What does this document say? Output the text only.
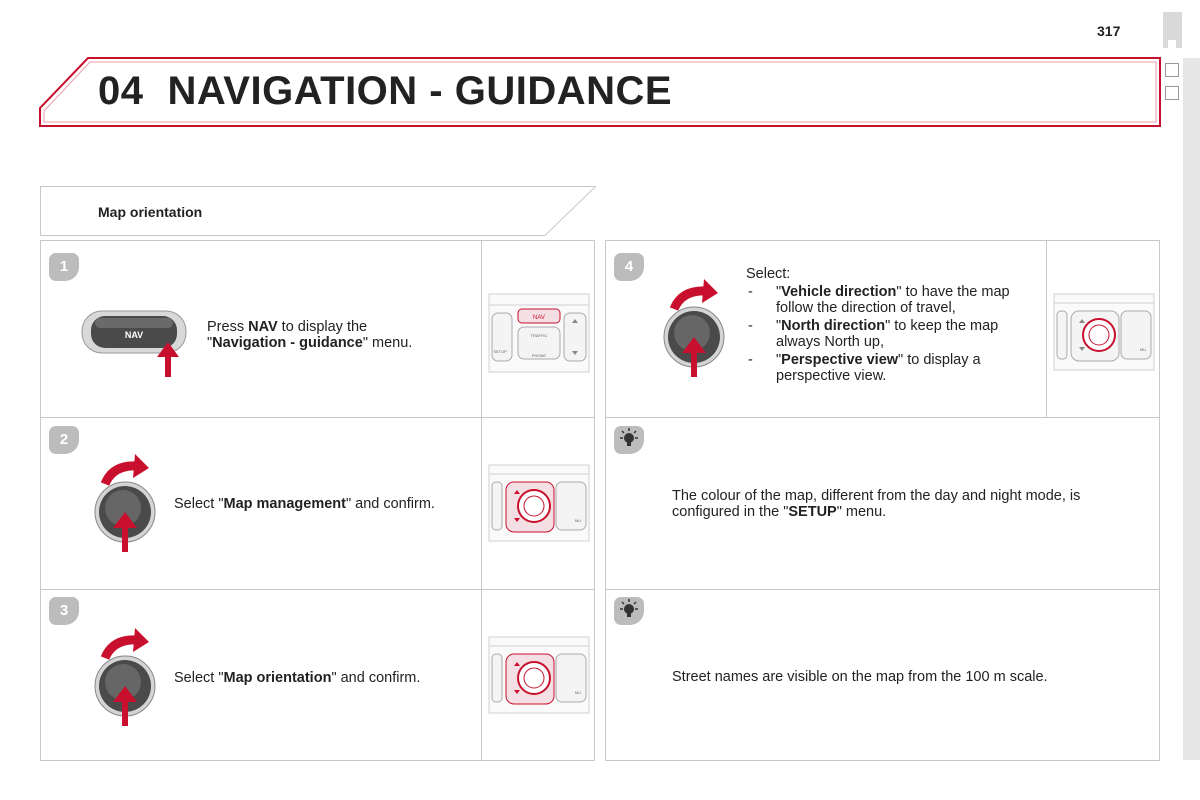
317
04 NAVIGATION - GUIDANCE
Map orientation
1
NAV	Press NAV to display the
"Navigation - guidance" menu.
NAV
SETUP
TRAFFIC
PHONE
2
Select "Map management" and confirm.
MU
3
Select "Map orientation" and confirm.
MU
4	Select:
- "Vehicle direction" to have the map follow the direction of travel,
- "North direction" to keep the map always North up,
- "Perspective view" to display a perspective view.
MU
The colour of the map, different from the day and night mode, is configured in the "SETUP" menu.
Street names are visible on the map from the 100 m scale.
